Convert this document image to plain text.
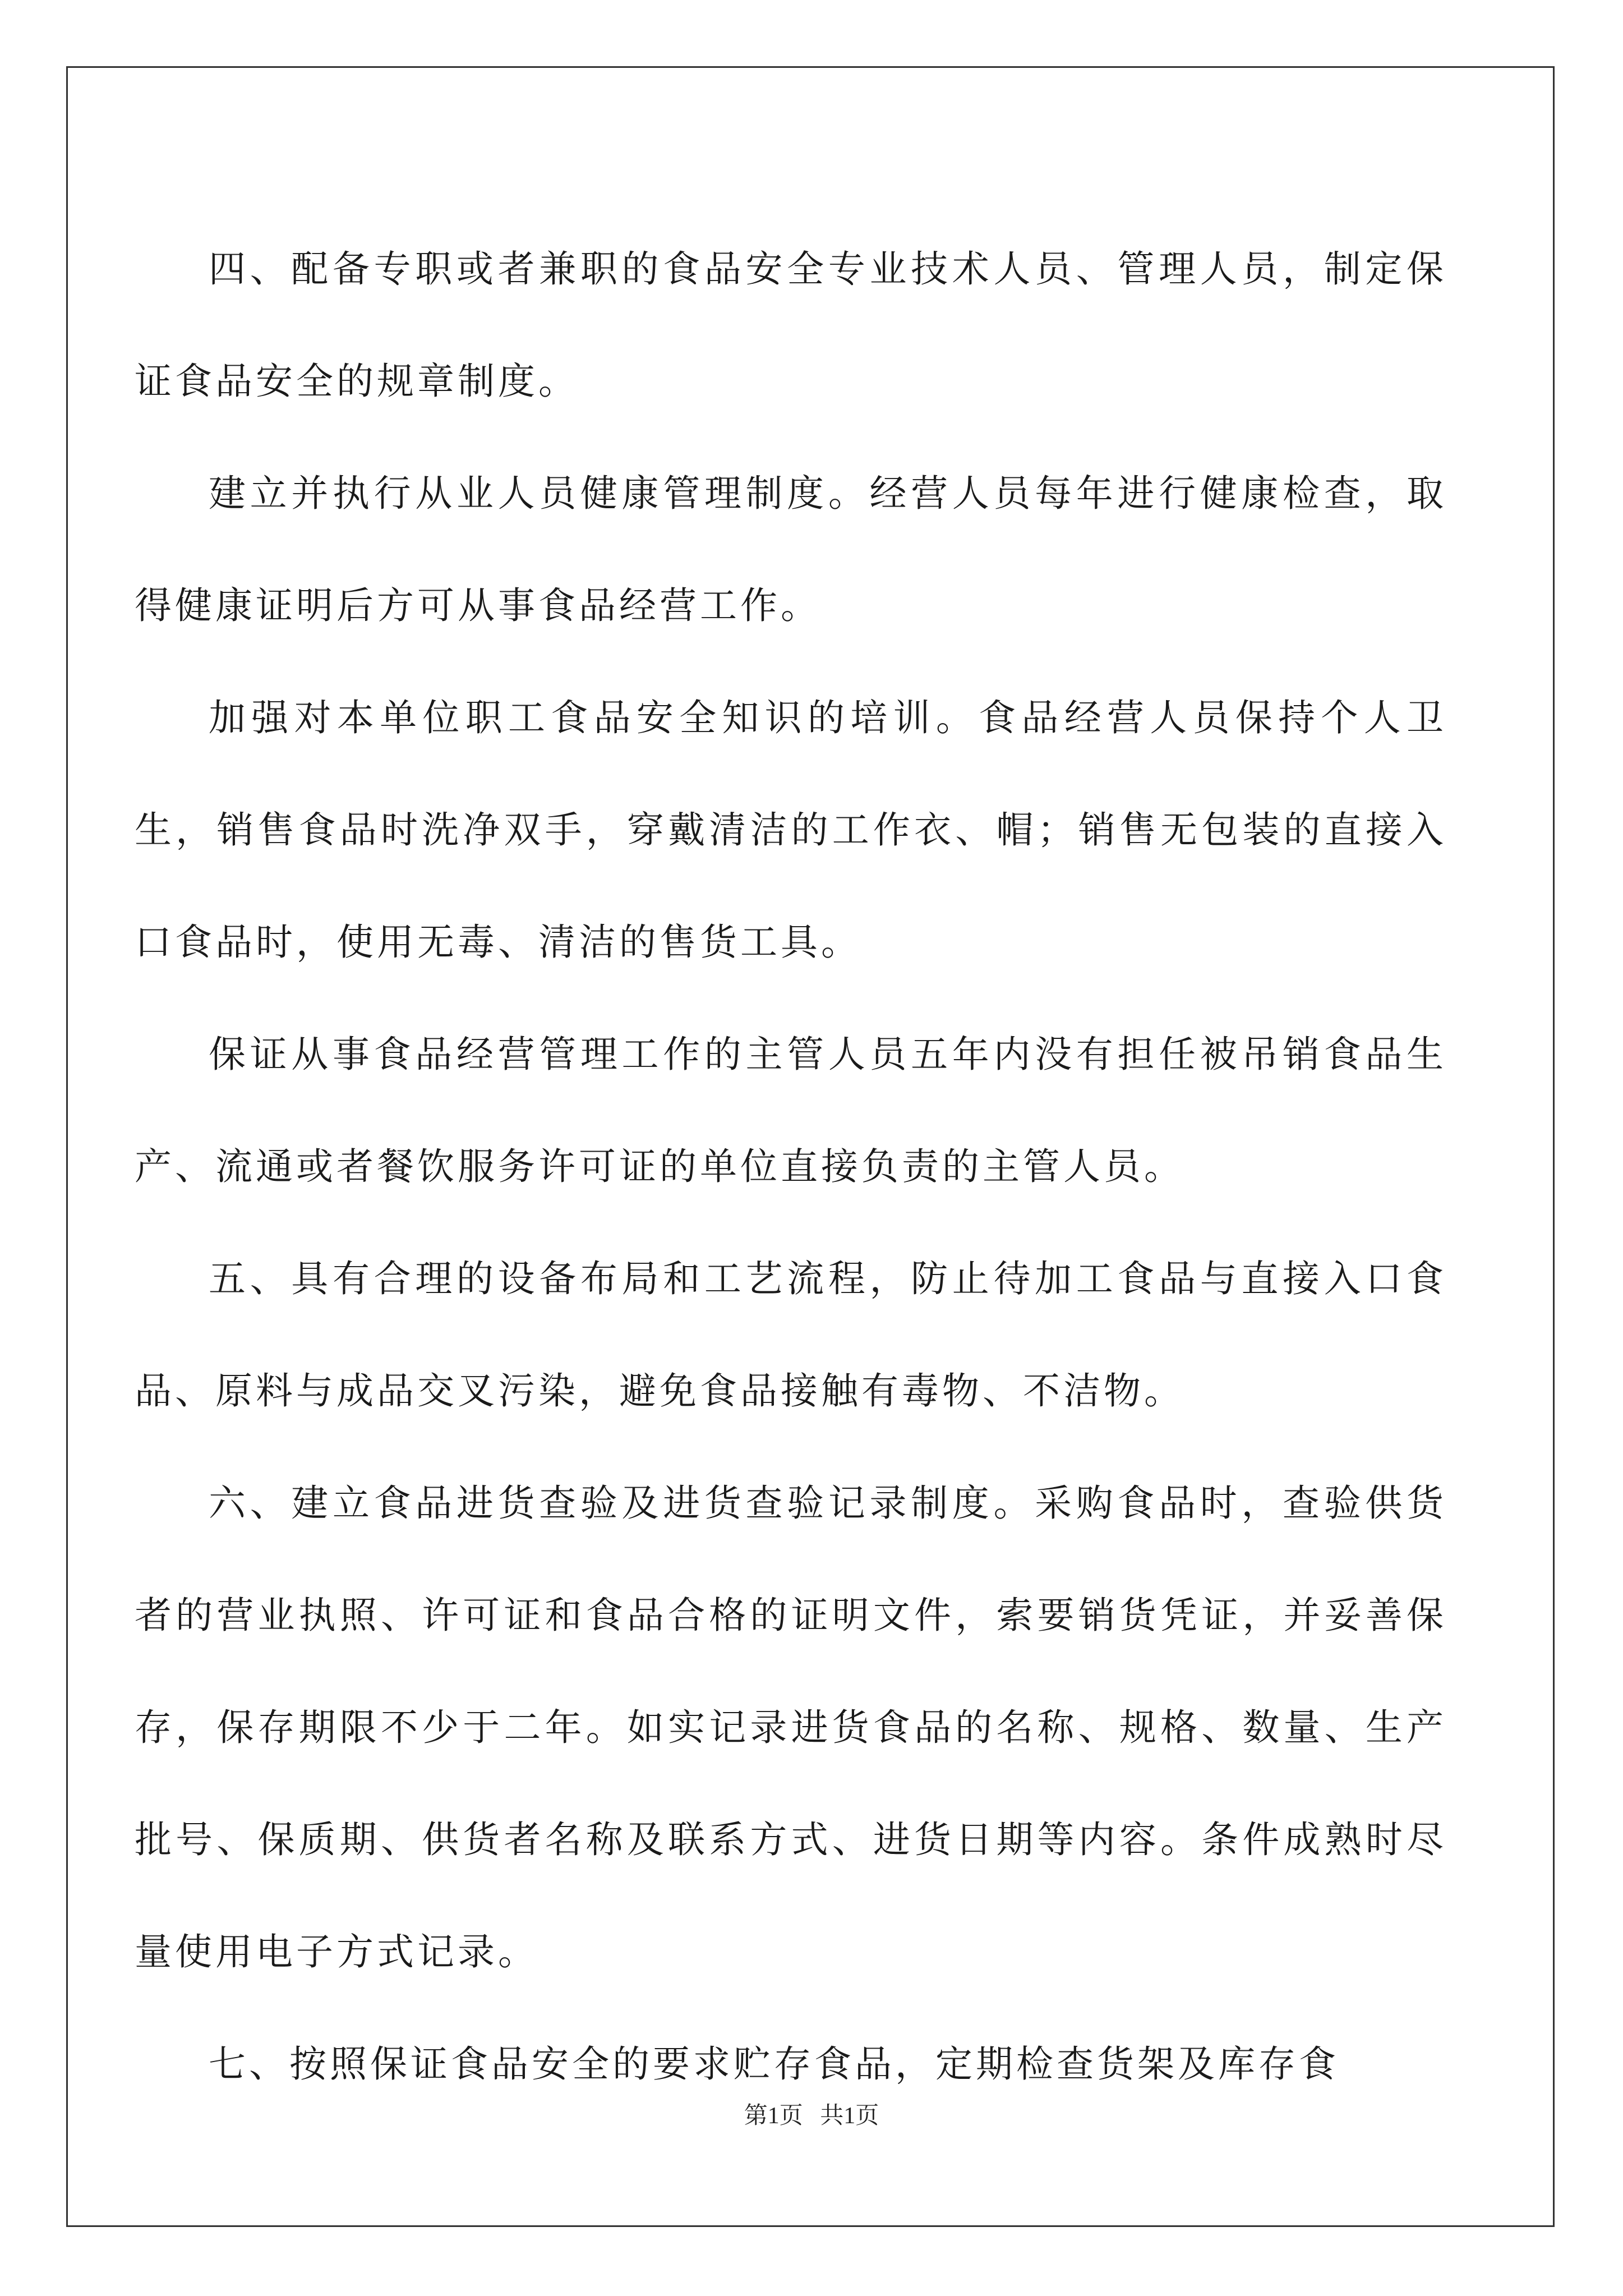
四、配备专职或者兼职的食品安全专业技术人员、管理人员，制定保证食品安全的规章制度。

建立并执行从业人员健康管理制度。经营人员每年进行健康检查，取得健康证明后方可从事食品经营工作。

加强对本单位职工食品安全知识的培训。食品经营人员保持个人卫生，销售食品时洗净双手，穿戴清洁的工作衣、帽；销售无包装的直接入口食品时，使用无毒、清洁的售货工具。

保证从事食品经营管理工作的主管人员五年内没有担任被吊销食品生产、流通或者餐饮服务许可证的单位直接负责的主管人员。

五、具有合理的设备布局和工艺流程，防止待加工食品与直接入口食品、原料与成品交叉污染，避免食品接触有毒物、不洁物。

六、建立食品进货查验及进货查验记录制度。采购食品时，查验供货者的营业执照、许可证和食品合格的证明文件，索要销货凭证，并妥善保存，保存期限不少于二年。如实记录进货食品的名称、规格、数量、生产批号、保质期、供货者名称及联系方式、进货日期等内容。条件成熟时尽量使用电子方式记录。

七、按照保证食品安全的要求贮存食品，定期检查货架及库存食

第1页 共1页
